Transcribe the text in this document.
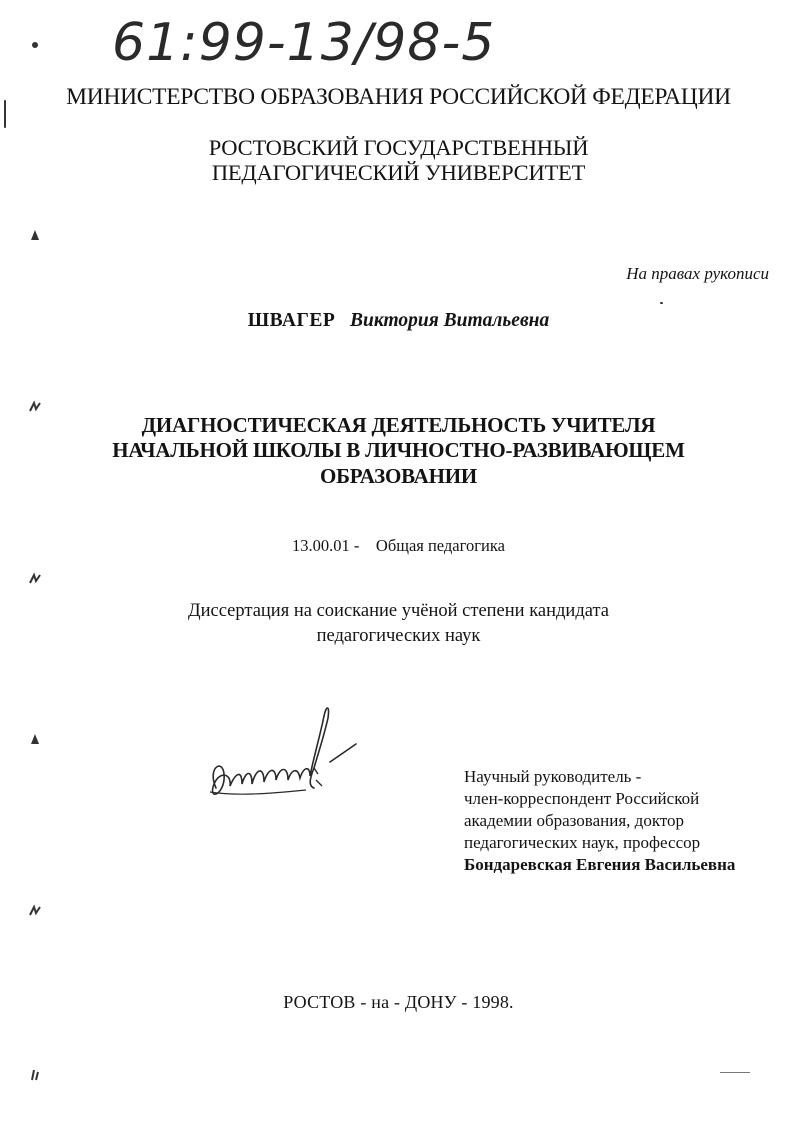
61:99-13/98-5
МИНИСТЕРСТВО ОБРАЗОВАНИЯ РОССИЙСКОЙ ФЕДЕРАЦИИ
РОСТОВСКИЙ ГОСУДАРСТВЕННЫЙ
ПЕДАГОГИЧЕСКИЙ УНИВЕРСИТЕТ
На правах рукописи
ШВАГЕР Виктория Витальевна
ДИАГНОСТИЧЕСКАЯ ДЕЯТЕЛЬНОСТЬ УЧИТЕЛЯ
НАЧАЛЬНОЙ ШКОЛЫ В ЛИЧНОСТНО-РАЗВИВАЮЩЕМ
ОБРАЗОВАНИИ
13.00.01 - Общая педагогика
Диссертация на соискание учёной степени кандидата
педагогических наук
Научный руководитель -
член-корреспондент Российской
академии образования, доктор
педагогических наук, профессор
Бондаревская Евгения Васильевна
РОСТОВ - на - ДОНУ - 1998.
